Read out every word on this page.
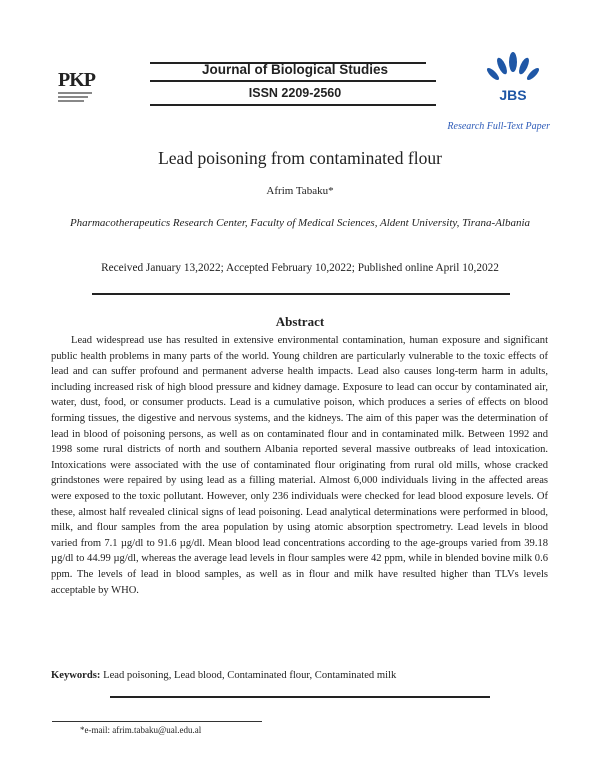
PKP	Journal of Biological Studies
ISSN 2209-2560	JBS
Research Full-Text Paper
Lead poisoning from contaminated flour
Afrim Tabaku*
Pharmacotherapeutics Research Center, Faculty of Medical Sciences, Aldent University, Tirana-Albania
Received January 13,2022; Accepted February 10,2022; Published online April 10,2022
Abstract
Lead widespread use has resulted in extensive environmental contamination, human exposure and significant public health problems in many parts of the world. Young children are particularly vulnerable to the toxic effects of lead and can suffer profound and permanent adverse health impacts. Lead also causes long-term harm in adults, including increased risk of high blood pressure and kidney damage. Exposure to lead can occur by contaminated air, water, dust, food, or consumer products. Lead is a cumulative poison, which produces a series of effects on blood forming tissues, the digestive and nervous systems, and the kidneys. The aim of this paper was the determination of lead in blood of poisoning persons, as well as on contaminated flour and in contaminated milk. Between 1992 and 1998 some rural districts of north and southern Albania reported several massive outbreaks of lead intoxication. Intoxications were associated with the use of contaminated flour originating from rural old mills, whose cracked grindstones were repaired by using lead as a filling material. Almost 6,000 individuals living in the affected areas were exposed to the toxic pollutant. However, only 236 individuals were checked for lead blood exposure levels. Of these, almost half revealed clinical signs of lead poisoning. Lead analytical determinations were performed in blood, milk, and flour samples from the area population by using atomic absorption spectrometry. Lead levels in blood varied from 7.1 µg/dl to 91.6 µg/dl. Mean blood lead concentrations according to the age-groups varied from 39.18 µg/dl to 44.99 µg/dl, whereas the average lead levels in flour samples were 42 ppm, while in blended bovine milk 0.6 ppm. The levels of lead in blood samples, as well as in flour and milk have resulted higher than TLVs levels acceptable by WHO.
Keywords: Lead poisoning, Lead blood, Contaminated flour, Contaminated milk
*e-mail: afrim.tabaku@ual.edu.al
